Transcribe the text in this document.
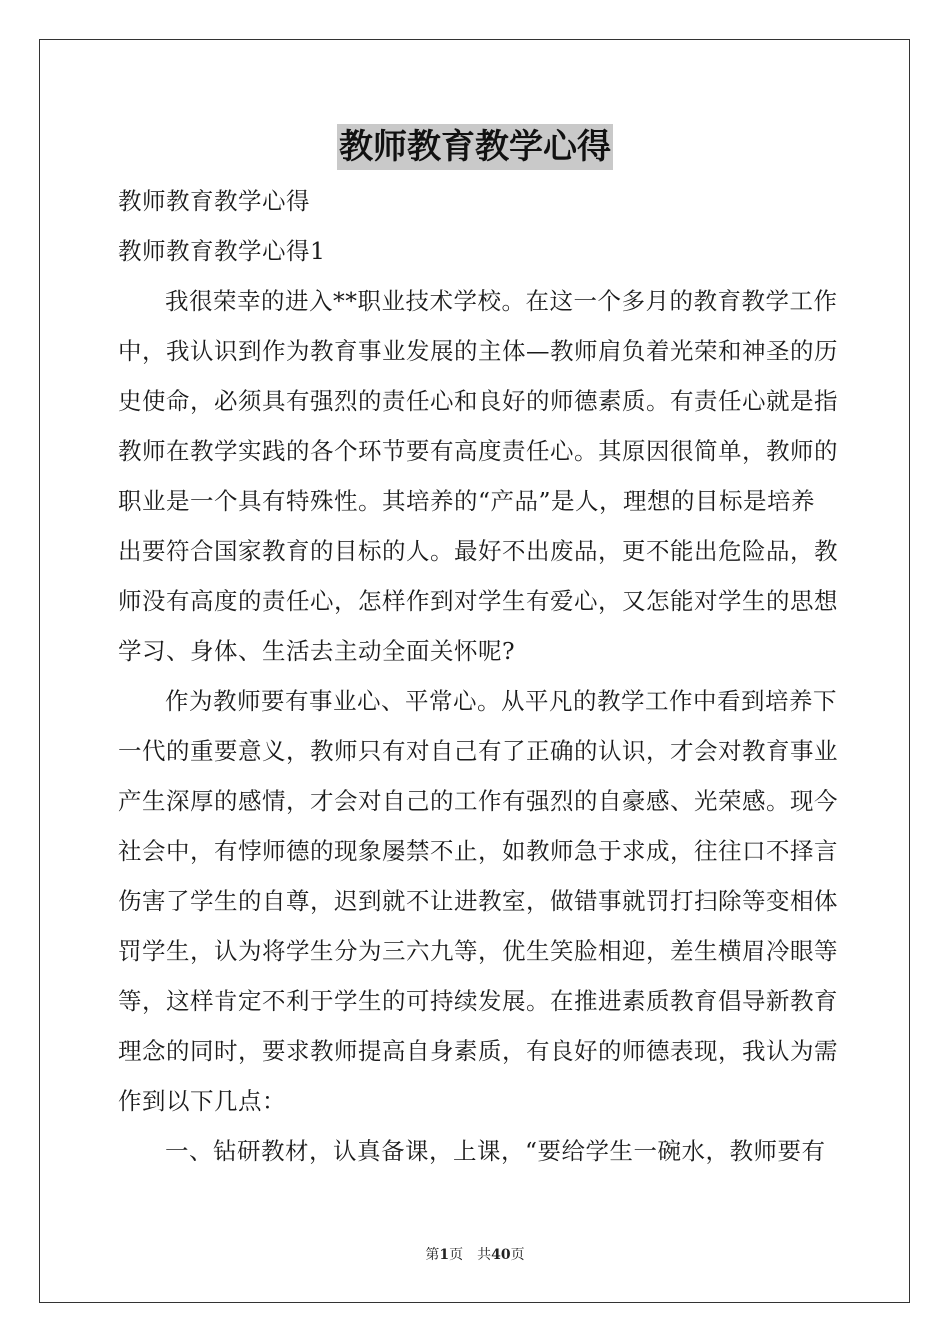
教师教育教学心得
教师教育教学心得
教师教育教学心得1
我很荣幸的进入**职业技术学校。在这一个多月的教育教学工作
中，我认识到作为教育事业发展的主体—教师肩负着光荣和神圣的历
史使命，必须具有强烈的责任心和良好的师德素质。有责任心就是指
教师在教学实践的各个环节要有高度责任心。其原因很简单，教师的
职业是一个具有特殊性。其培养的“产品”是人，理想的目标是培养
出要符合国家教育的目标的人。最好不出废品，更不能出危险品，教
师没有高度的责任心，怎样作到对学生有爱心，又怎能对学生的思想
学习、身体、生活去主动全面关怀呢?
作为教师要有事业心、平常心。从平凡的教学工作中看到培养下
一代的重要意义，教师只有对自己有了正确的认识，才会对教育事业
产生深厚的感情，才会对自己的工作有强烈的自豪感、光荣感。现今
社会中，有悖师德的现象屡禁不止，如教师急于求成，往往口不择言
伤害了学生的自尊，迟到就不让进教室，做错事就罚打扫除等变相体
罚学生，认为将学生分为三六九等，优生笑脸相迎，差生横眉冷眼等
等，这样肯定不利于学生的可持续发展。在推进素质教育倡导新教育
理念的同时，要求教师提高自身素质，有良好的师德表现，我认为需
作到以下几点：
一、钻研教材，认真备课，上课，“要给学生一碗水，教师要有
第1页 共40页
